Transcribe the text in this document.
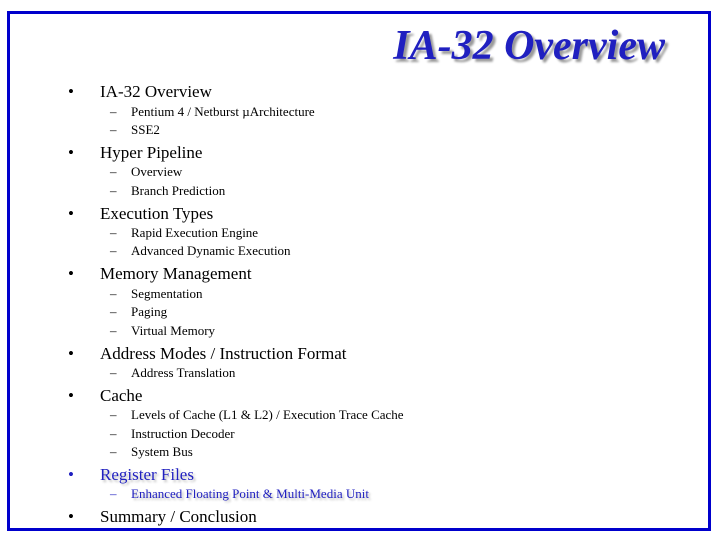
IA-32 Overview
• IA-32 Overview
– Pentium 4 / Netburst µArchitecture
– SSE2
• Hyper Pipeline
– Overview
– Branch Prediction
• Execution Types
– Rapid Execution Engine
– Advanced Dynamic Execution
• Memory Management
– Segmentation
– Paging
– Virtual Memory
• Address Modes / Instruction Format
– Address Translation
• Cache
– Levels of Cache (L1 & L2) / Execution Trace Cache
– Instruction Decoder
– System Bus
• Register Files
– Enhanced Floating Point & Multi-Media Unit
• Summary / Conclusion
